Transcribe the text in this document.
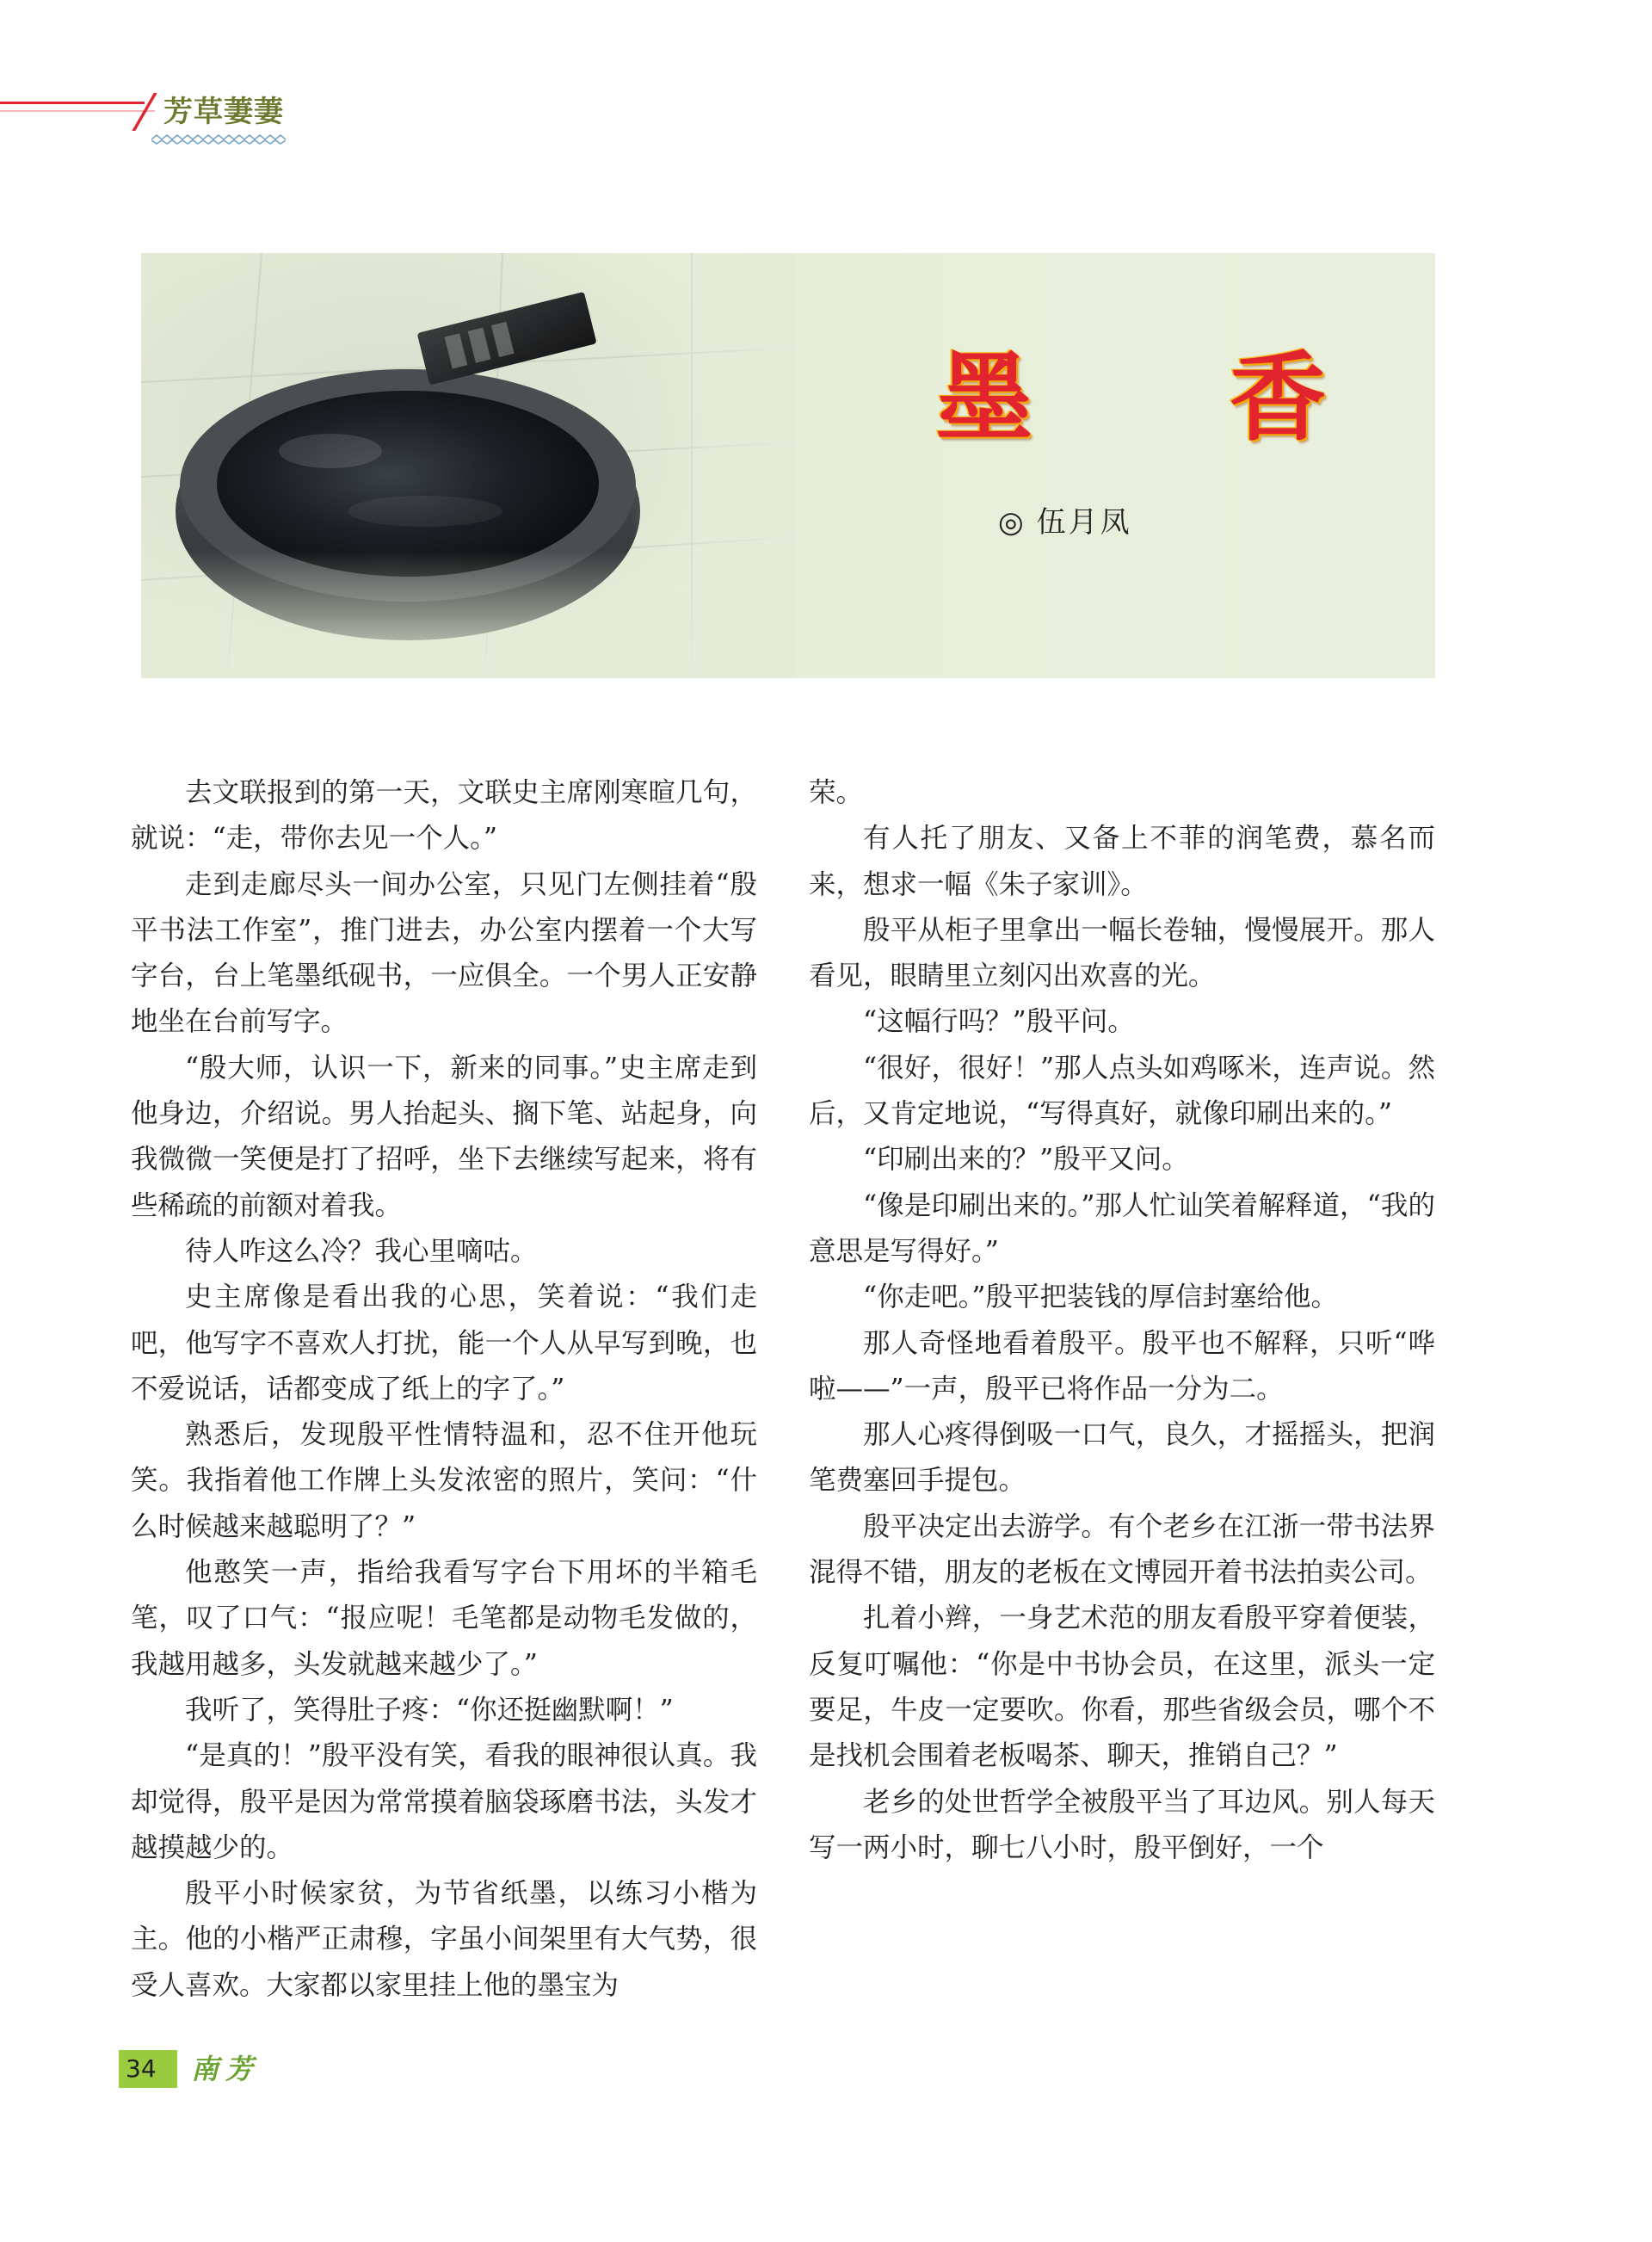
芳草萋萋
墨 香

◎ 伍月凤

去文联报到的第一天，文联史主席刚寒暄几句，就说：“走，带你去见一个人。”

走到走廊尽头一间办公室，只见门左侧挂着“殷平书法工作室”，推门进去，办公室内摆着一个大写字台，台上笔墨纸砚书，一应俱全。一个男人正安静地坐在台前写字。

“殷大师，认识一下，新来的同事。”史主席走到他身边，介绍说。男人抬起头、搁下笔、站起身，向我微微一笑便是打了招呼，坐下去继续写起来，将有些稀疏的前额对着我。

待人咋这么冷？我心里嘀咕。

史主席像是看出我的心思，笑着说：“我们走吧，他写字不喜欢人打扰，能一个人从早写到晚，也不爱说话，话都变成了纸上的字了。”

熟悉后，发现殷平性情特温和，忍不住开他玩笑。我指着他工作牌上头发浓密的照片，笑问：“什么时候越来越聪明了？”

他憨笑一声，指给我看写字台下用坏的半箱毛笔，叹了口气：“报应呢！毛笔都是动物毛发做的，我越用越多，头发就越来越少了。”

我听了，笑得肚子疼：“你还挺幽默啊！”

“是真的！”殷平没有笑，看我的眼神很认真。我却觉得，殷平是因为常常摸着脑袋琢磨书法，头发才越摸越少的。

殷平小时候家贫，为节省纸墨，以练习小楷为主。他的小楷严正肃穆，字虽小间架里有大气势，很受人喜欢。大家都以家里挂上他的墨宝为

荣。

有人托了朋友、又备上不菲的润笔费，慕名而来，想求一幅《朱子家训》。

殷平从柜子里拿出一幅长卷轴，慢慢展开。那人看见，眼睛里立刻闪出欢喜的光。

“这幅行吗？”殷平问。

“很好，很好！”那人点头如鸡啄米，连声说。然后，又肯定地说，“写得真好，就像印刷出来的。”

“印刷出来的？”殷平又问。

“像是印刷出来的。”那人忙讪笑着解释道，“我的意思是写得好。”

“你走吧。”殷平把装钱的厚信封塞给他。

那人奇怪地看着殷平。殷平也不解释，只听“哗啦——”一声，殷平已将作品一分为二。

那人心疼得倒吸一口气，良久，才摇摇头，把润笔费塞回手提包。

殷平决定出去游学。有个老乡在江浙一带书法界混得不错，朋友的老板在文博园开着书法拍卖公司。

扎着小辫，一身艺术范的朋友看殷平穿着便装，反复叮嘱他：“你是中书协会员，在这里，派头一定要足，牛皮一定要吹。你看，那些省级会员，哪个不是找机会围着老板喝茶、聊天，推销自己？”

老乡的处世哲学全被殷平当了耳边风。别人每天写一两小时，聊七八小时，殷平倒好，一个

34	南芳
